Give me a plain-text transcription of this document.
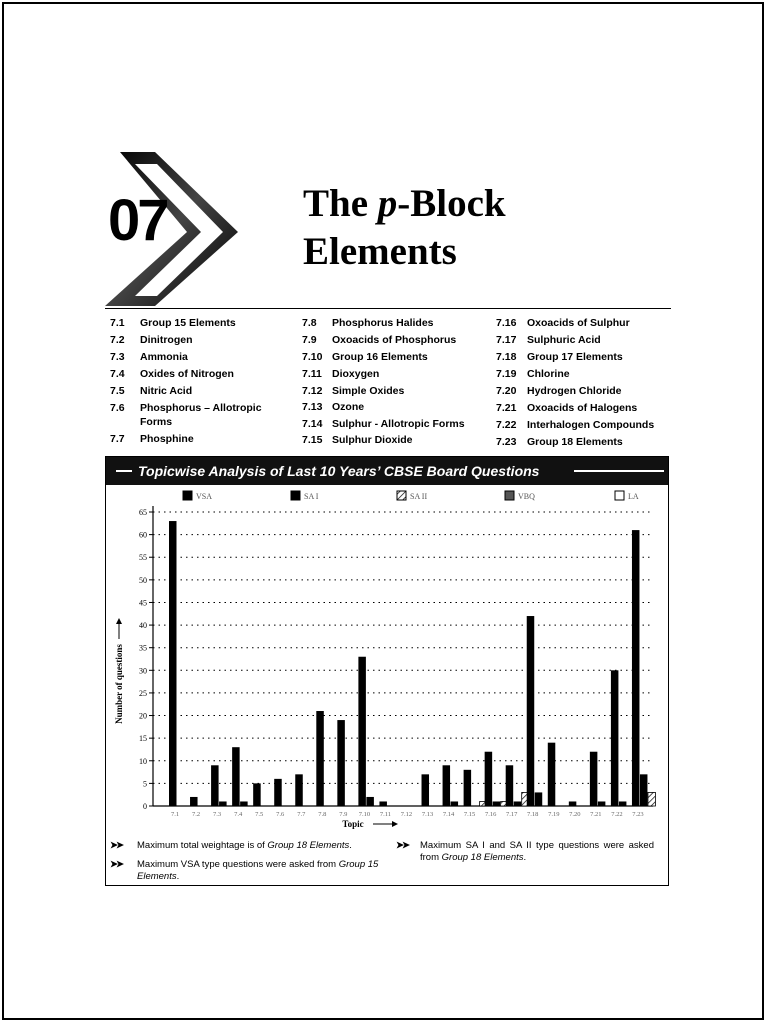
07	The p-Block
Elements
7.1 Group 15 Elements
7.2 Dinitrogen
7.3 Ammonia
7.4 Oxides of Nitrogen
7.5 Nitric Acid
7.6 Phosphorus – Allotropic Forms
7.7 Phosphine
7.8 Phosphorus Halides
7.9 Oxoacids of Phosphorus
7.10 Group 16 Elements
7.11 Dioxygen
7.12 Simple Oxides
7.13 Ozone
7.14 Sulphur - Allotropic Forms
7.15 Sulphur Dioxide
7.16 Oxoacids of Sulphur
7.17 Sulphuric Acid
7.18 Group 17 Elements
7.19 Chlorine
7.20 Hydrogen Chloride
7.21 Oxoacids of Halogens
7.22 Interhalogen Compounds
7.23 Group 18 Elements
Topicwise Analysis of Last 10 Years’ CBSE Board Questions
VSA	SA I	SA II	VBQ	LA
0
5
10
15
20
25
30
35
40
45
50
55
60
65
Number of questions
7.1 7.2 7.3 7.4 7.5 7.6 7.7 7.8 7.9 7.10 7.11 7.12 7.13 7.14 7.15 7.16 7.17 7.18 7.19 7.20 7.21 7.22 7.23
Topic
➤➤ Maximum total weightage is of Group 18 Elements.
➤➤ Maximum VSA type questions were asked from Group 15 Elements.
➤➤ Maximum SA I and SA II type questions were asked from Group 18 Elements.
